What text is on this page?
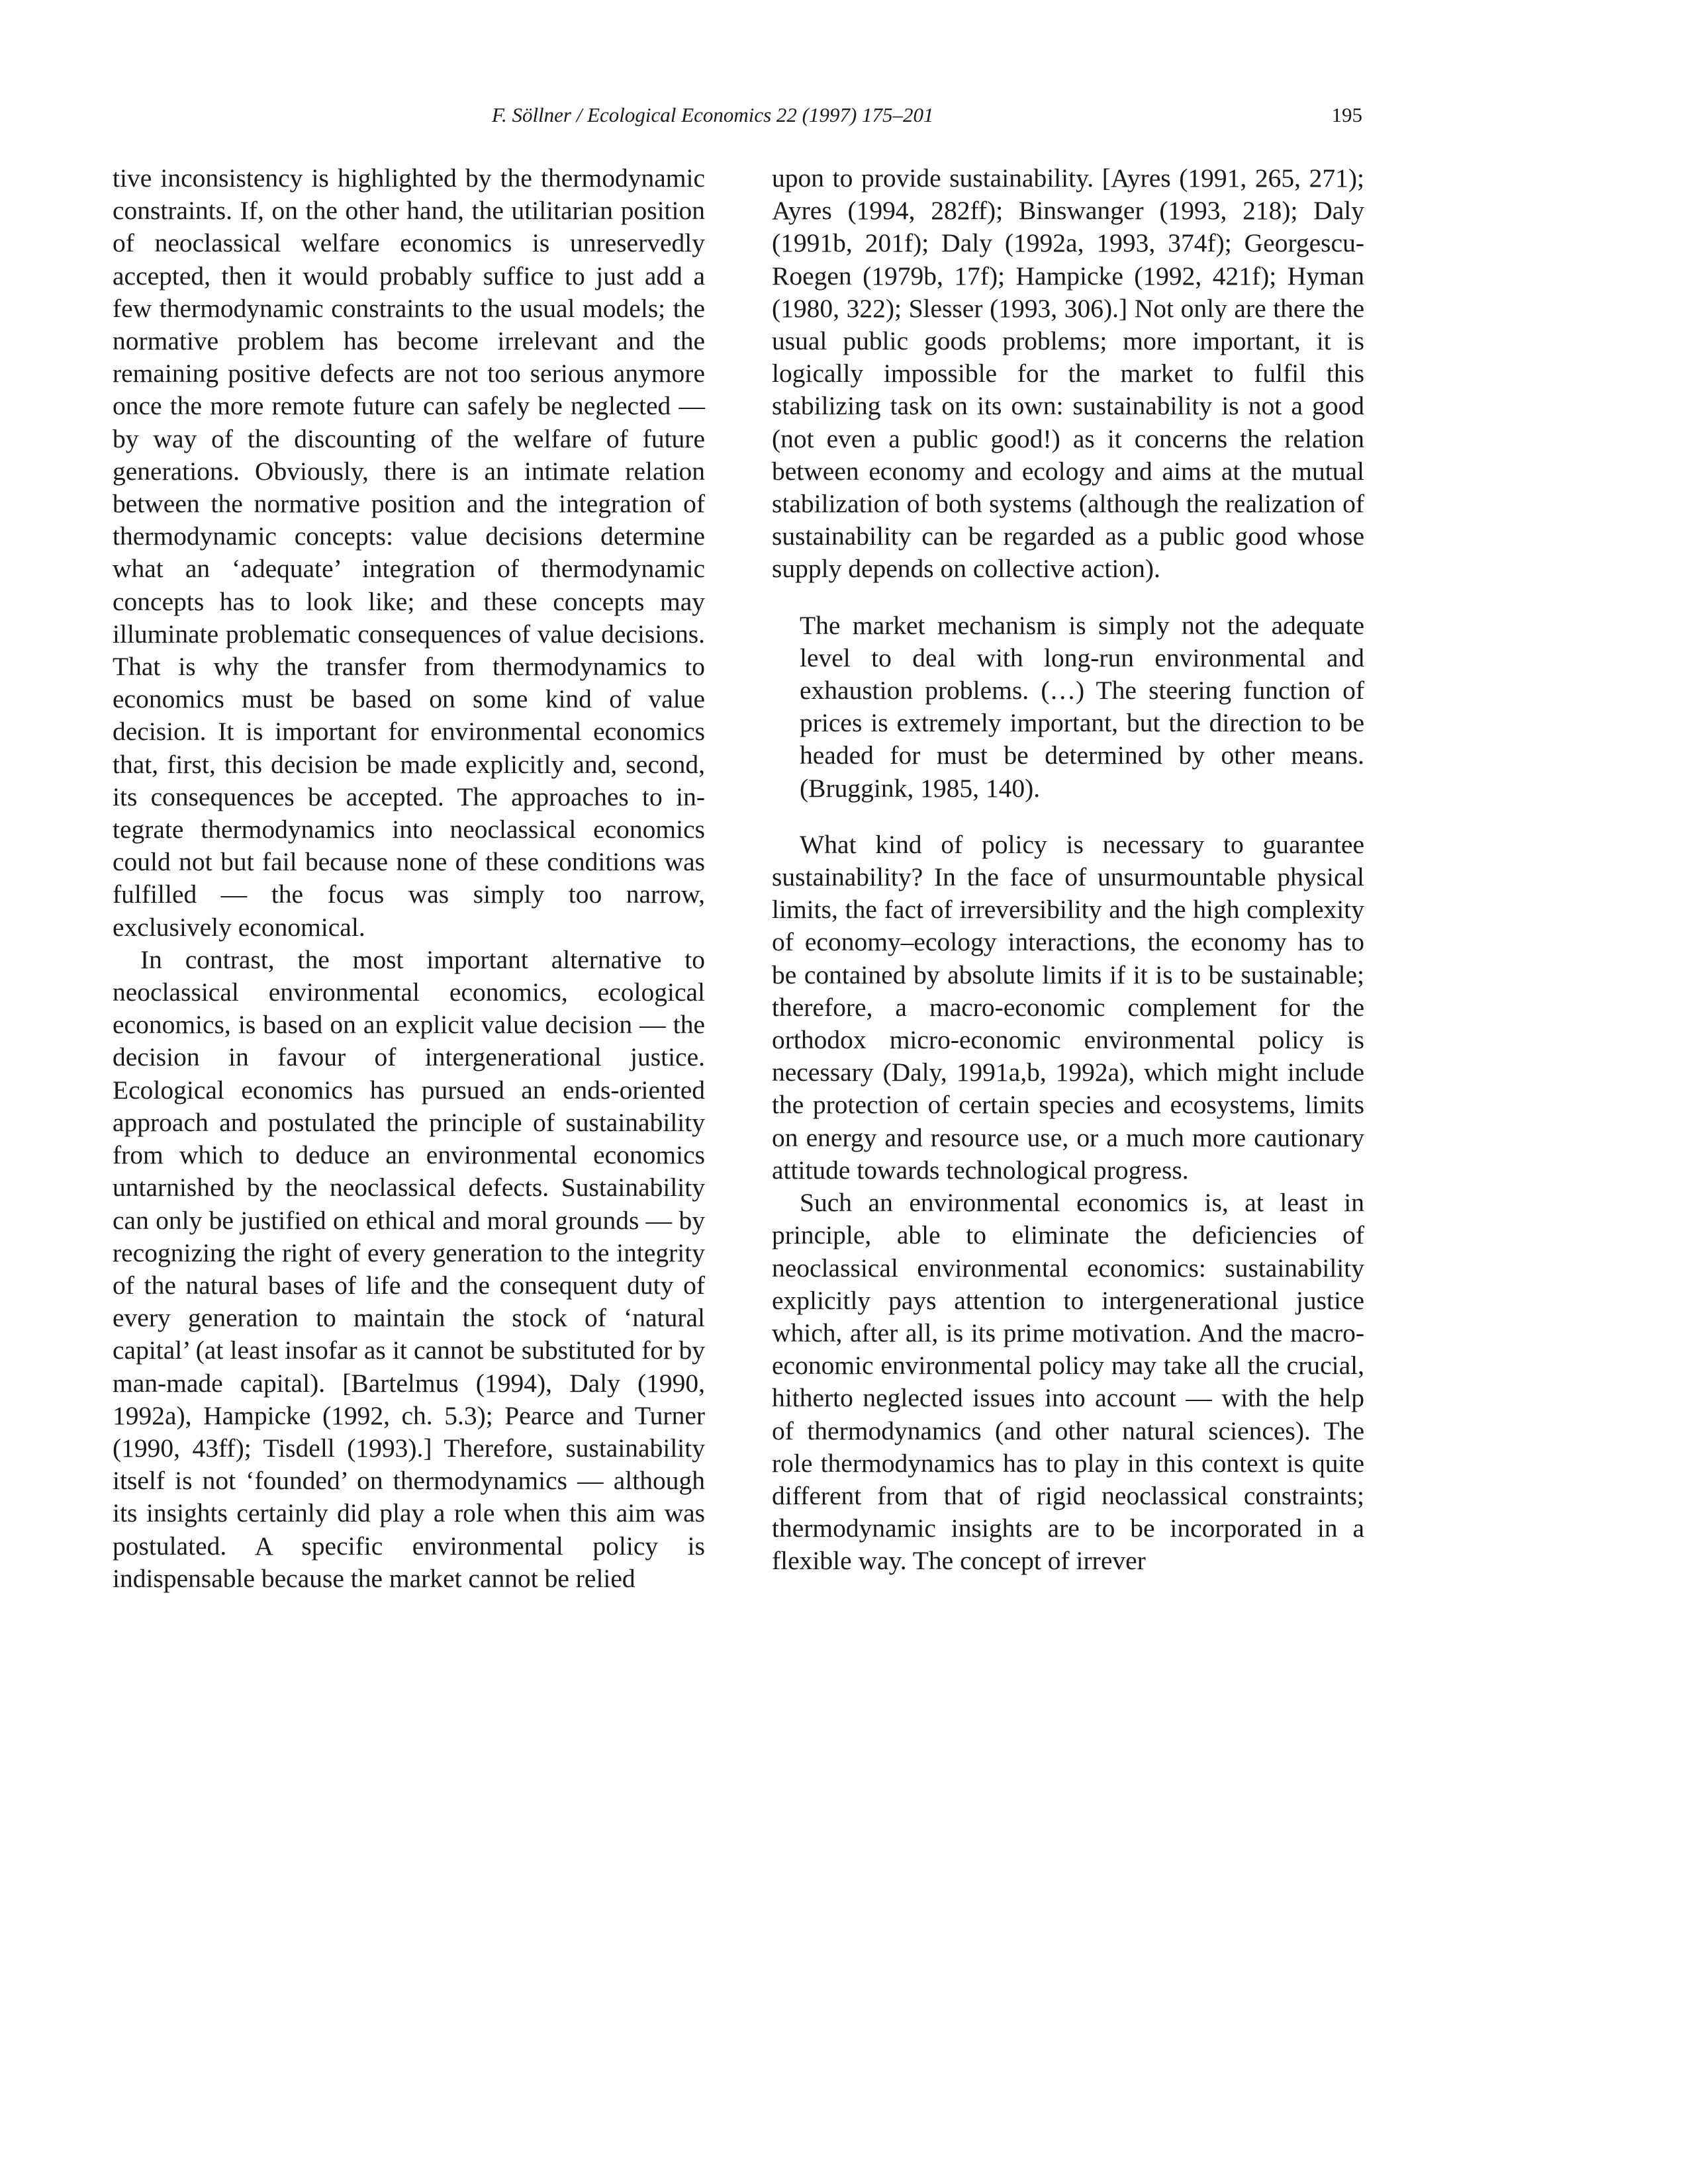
F. Söllner / Ecological Economics 22 (1997) 175–201	195

tive inconsistency is highlighted by the thermodynamic constraints. If, on the other hand, the utilitarian position of neoclassical welfare economics is unreservedly accepted, then it would probably suffice to just add a few thermodynamic constraints to the usual models; the normative problem has become irrelevant and the remaining positive defects are not too serious anymore once the more remote future can safely be neglected — by way of the discounting of the welfare of future generations. Obviously, there is an intimate relation between the normative position and the integration of thermodynamic concepts: value decisions determine what an ‘adequate’ integration of thermodynamic concepts has to look like; and these concepts may illuminate problematic consequences of value decisions. That is why the transfer from thermodynamics to economics must be based on some kind of value decision. It is important for environmental economics that, first, this decision be made explicitly and, second, its consequences be accepted. The approaches to integrate thermodynamics into neoclassical economics could not but fail because none of these conditions was fulfilled — the focus was simply too narrow, exclusively economical.

In contrast, the most important alternative to neoclassical environmental economics, ecological economics, is based on an explicit value decision — the decision in favour of intergenerational justice. Ecological economics has pursued an ends-oriented approach and postulated the principle of sustainability from which to deduce an environmental economics untarnished by the neoclassical defects. Sustainability can only be justified on ethical and moral grounds — by recognizing the right of every generation to the integrity of the natural bases of life and the consequent duty of every generation to maintain the stock of ‘natural capital’ (at least insofar as it cannot be substituted for by man-made capital). [Bartelmus (1994), Daly (1990, 1992a), Hampicke (1992, ch. 5.3); Pearce and Turner (1990, 43ff); Tisdell (1993).] Therefore, sustainability itself is not ‘founded’ on thermodynamics — although its insights certainly did play a role when this aim was postulated. A specific environmental policy is indispensable because the market cannot be relied

upon to provide sustainability. [Ayres (1991, 265, 271); Ayres (1994, 282ff); Binswanger (1993, 218); Daly (1991b, 201f); Daly (1992a, 1993, 374f); Georgescu-Roegen (1979b, 17f); Hampicke (1992, 421f); Hyman (1980, 322); Slesser (1993, 306).] Not only are there the usual public goods problems; more important, it is logically impossible for the market to fulfil this stabilizing task on its own: sustainability is not a good (not even a public good!) as it concerns the relation between economy and ecology and aims at the mutual stabilization of both systems (although the realization of sustainability can be regarded as a public good whose supply depends on collective action).

The market mechanism is simply not the adequate level to deal with long-run environmental and exhaustion problems. (…) The steering function of prices is extremely important, but the direction to be headed for must be determined by other means. (Bruggink, 1985, 140).

What kind of policy is necessary to guarantee sustainability? In the face of unsurmountable physical limits, the fact of irreversibility and the high complexity of economy–ecology interactions, the economy has to be contained by absolute limits if it is to be sustainable; therefore, a macro-economic complement for the orthodox micro-economic environmental policy is necessary (Daly, 1991a,b, 1992a), which might include the protection of certain species and ecosystems, limits on energy and resource use, or a much more cautionary attitude towards technological progress.

Such an environmental economics is, at least in principle, able to eliminate the deficiencies of neoclassical environmental economics: sustainability explicitly pays attention to intergenerational justice which, after all, is its prime motivation. And the macro-economic environmental policy may take all the crucial, hitherto neglected issues into account — with the help of thermodynamics (and other natural sciences). The role thermodynamics has to play in this context is quite different from that of rigid neoclassical constraints; thermodynamic insights are to be incorporated in a flexible way. The concept of irrever
